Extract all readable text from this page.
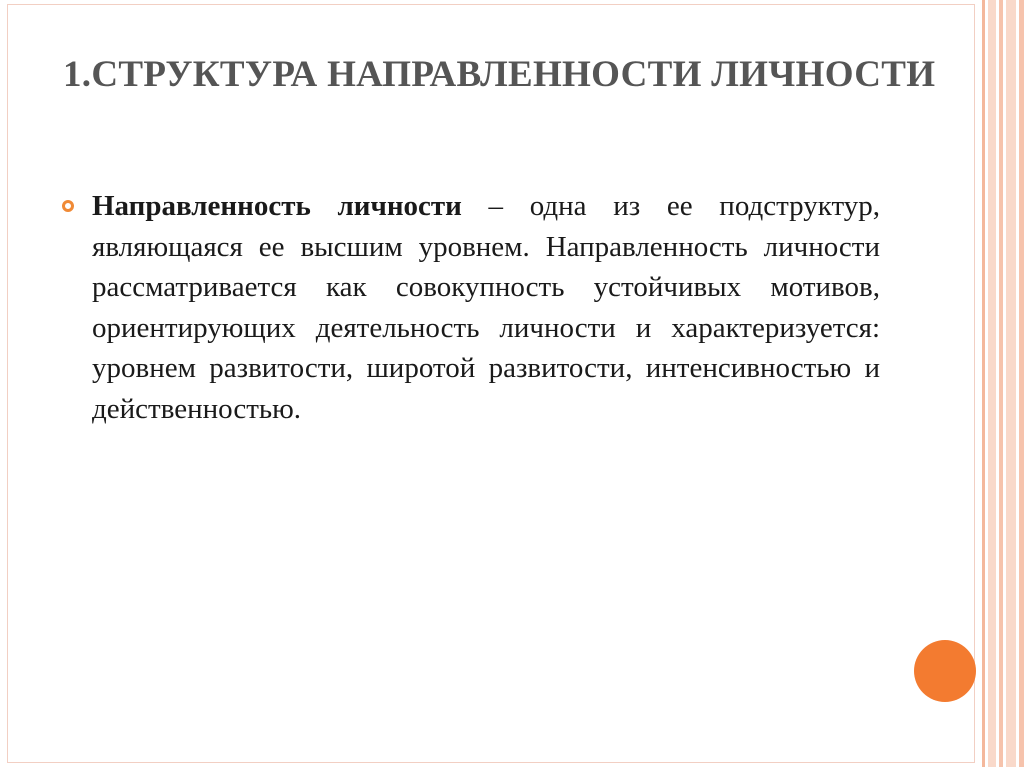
1.СТРУКТУРА НАПРАВЛЕННОСТИ ЛИЧНОСТИ
Направленность личности – одна из ее подструктур, являющаяся ее высшим уровнем. Направленность личности рассматривается как совокупность устойчивых мотивов, ориентирующих деятельность личности и характеризуется: уровнем развитости, широтой развитости, интенсивностью и действенностью.
